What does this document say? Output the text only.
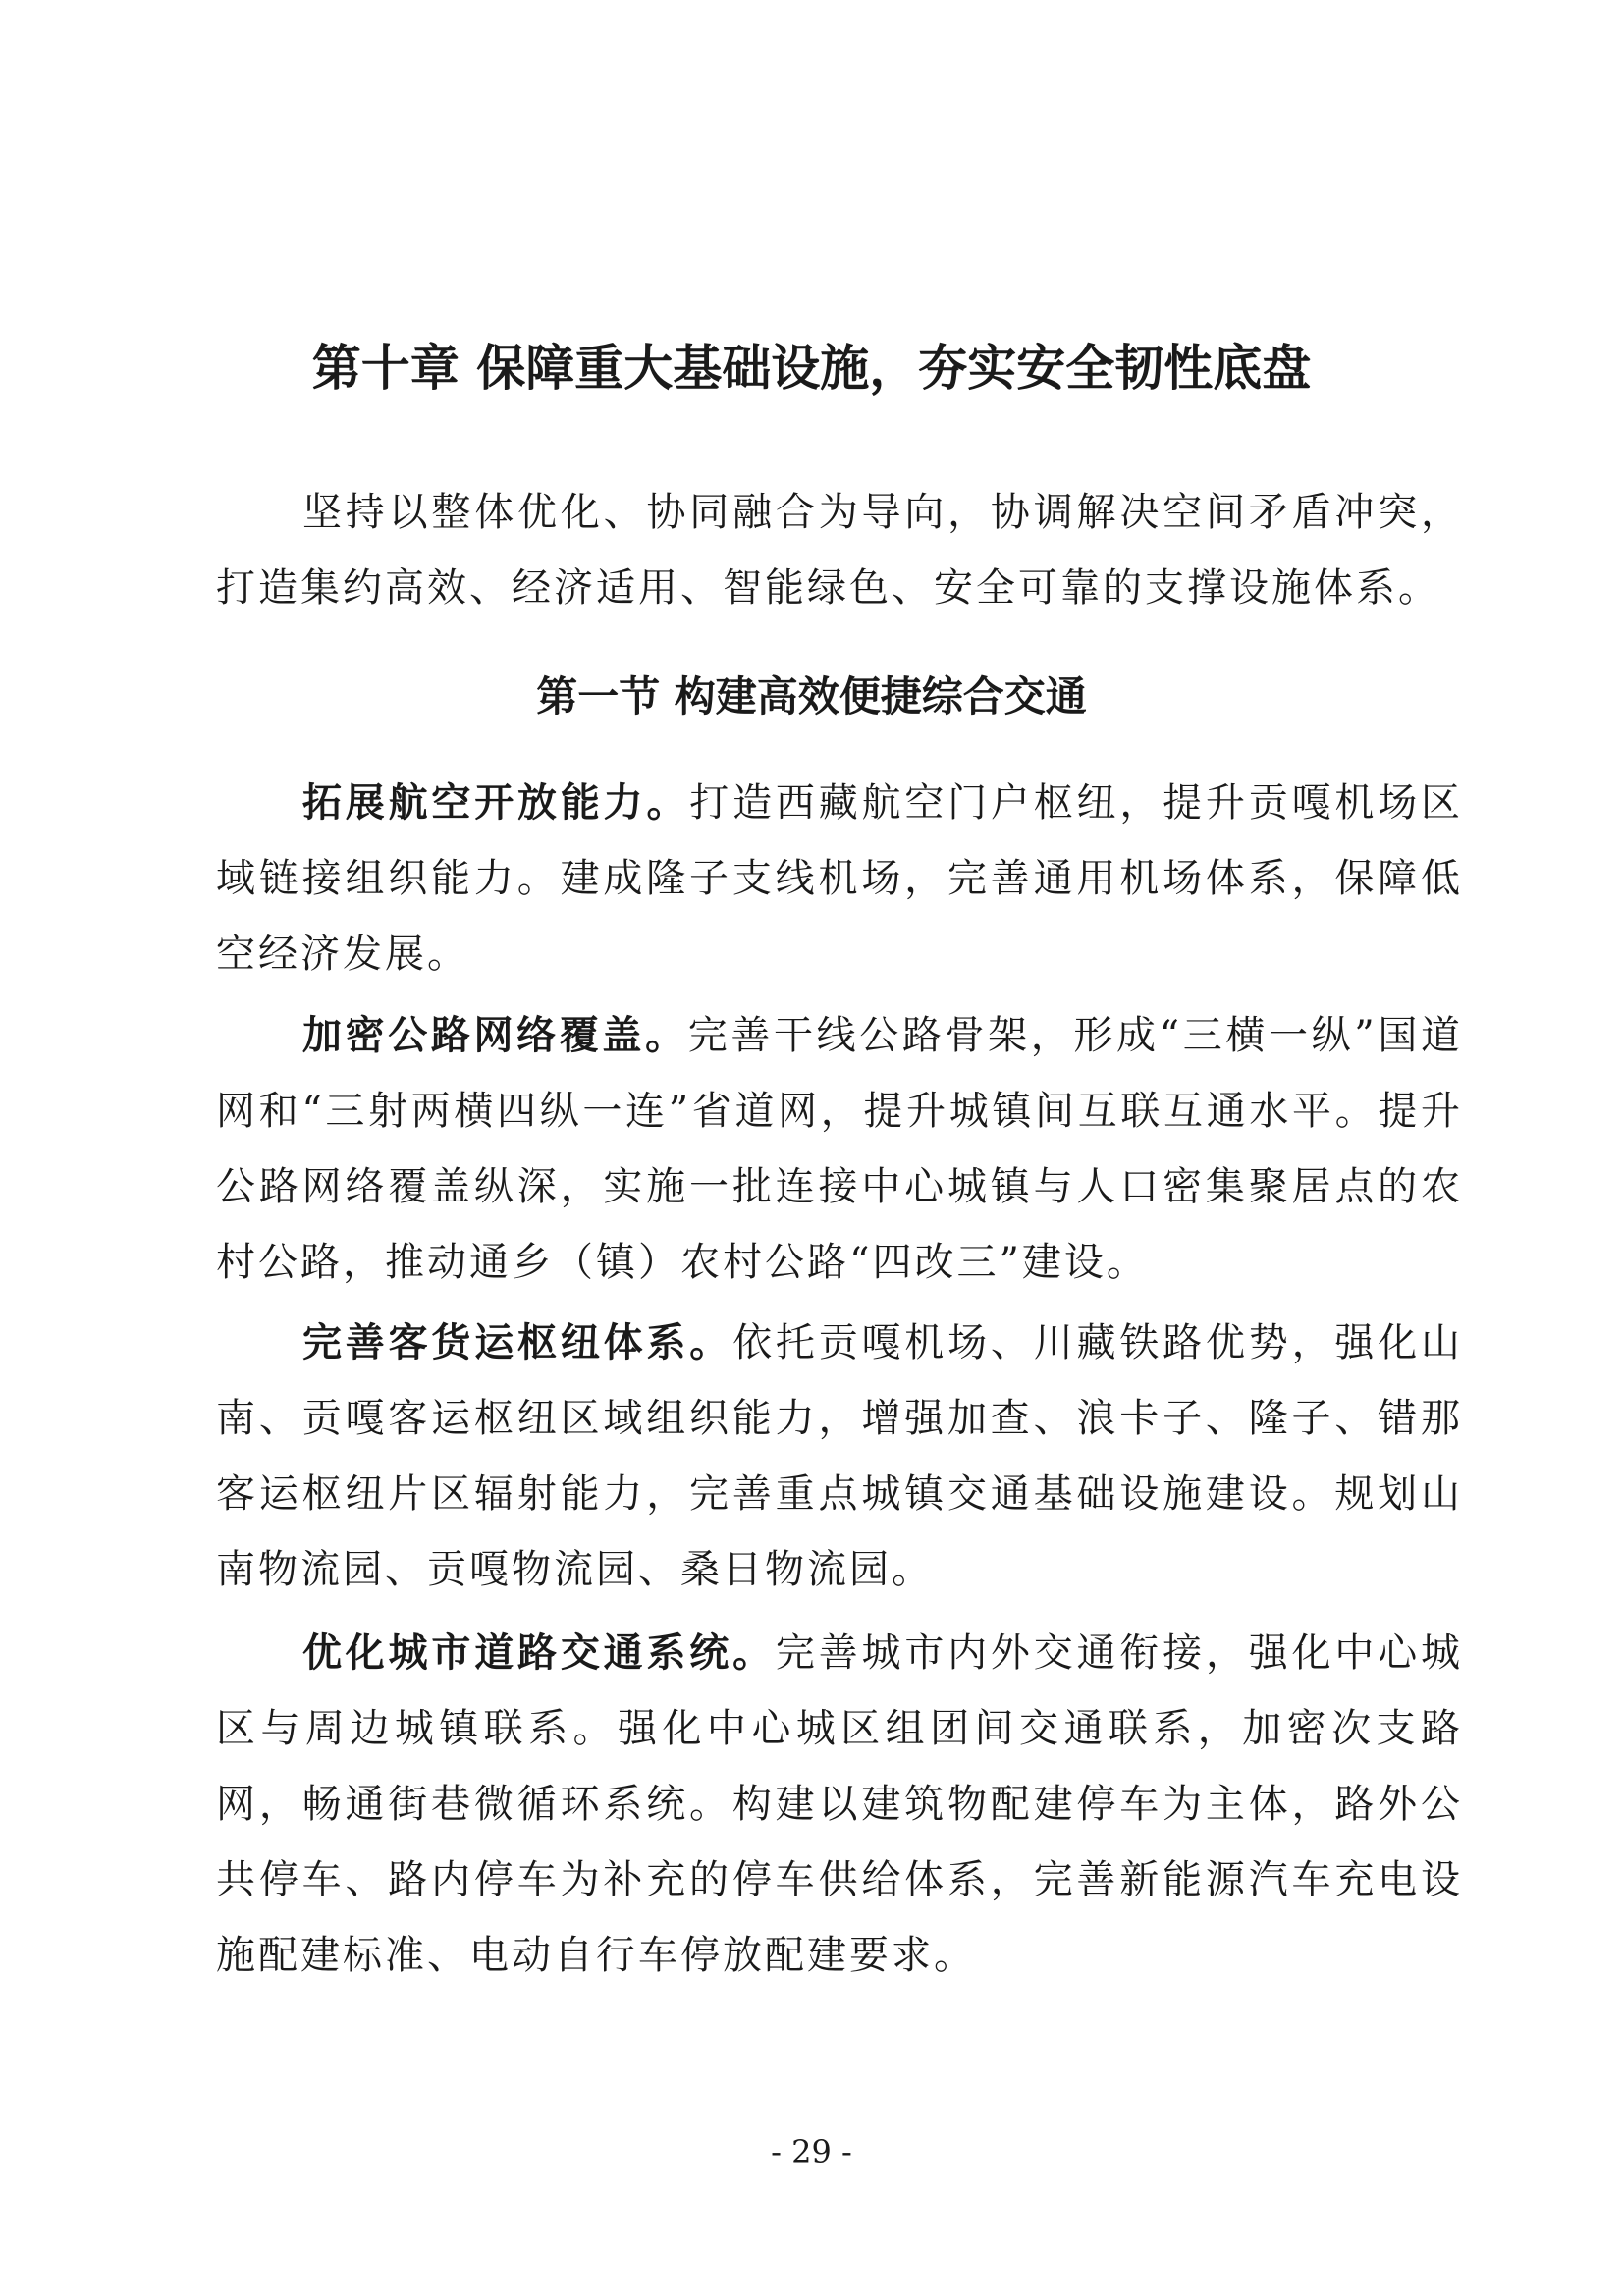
第十章 保障重大基础设施，夯实安全韧性底盘

坚持以整体优化、协同融合为导向，协调解决空间矛盾冲突，打造集约高效、经济适用、智能绿色、安全可靠的支撑设施体系。

第一节 构建高效便捷综合交通

拓展航空开放能力。打造西藏航空门户枢纽，提升贡嘎机场区域链接组织能力。建成隆子支线机场，完善通用机场体系，保障低空经济发展。

加密公路网络覆盖。完善干线公路骨架，形成“三横一纵”国道网和“三射两横四纵一连”省道网，提升城镇间互联互通水平。提升公路网络覆盖纵深，实施一批连接中心城镇与人口密集聚居点的农村公路，推动通乡（镇）农村公路“四改三”建设。

完善客货运枢纽体系。依托贡嘎机场、川藏铁路优势，强化山南、贡嘎客运枢纽区域组织能力，增强加查、浪卡子、隆子、错那客运枢纽片区辐射能力，完善重点城镇交通基础设施建设。规划山南物流园、贡嘎物流园、桑日物流园。

优化城市道路交通系统。完善城市内外交通衔接，强化中心城区与周边城镇联系。强化中心城区组团间交通联系，加密次支路网，畅通街巷微循环系统。构建以建筑物配建停车为主体，路外公共停车、路内停车为补充的停车供给体系，完善新能源汽车充电设施配建标准、电动自行车停放配建要求。

- 29 -
